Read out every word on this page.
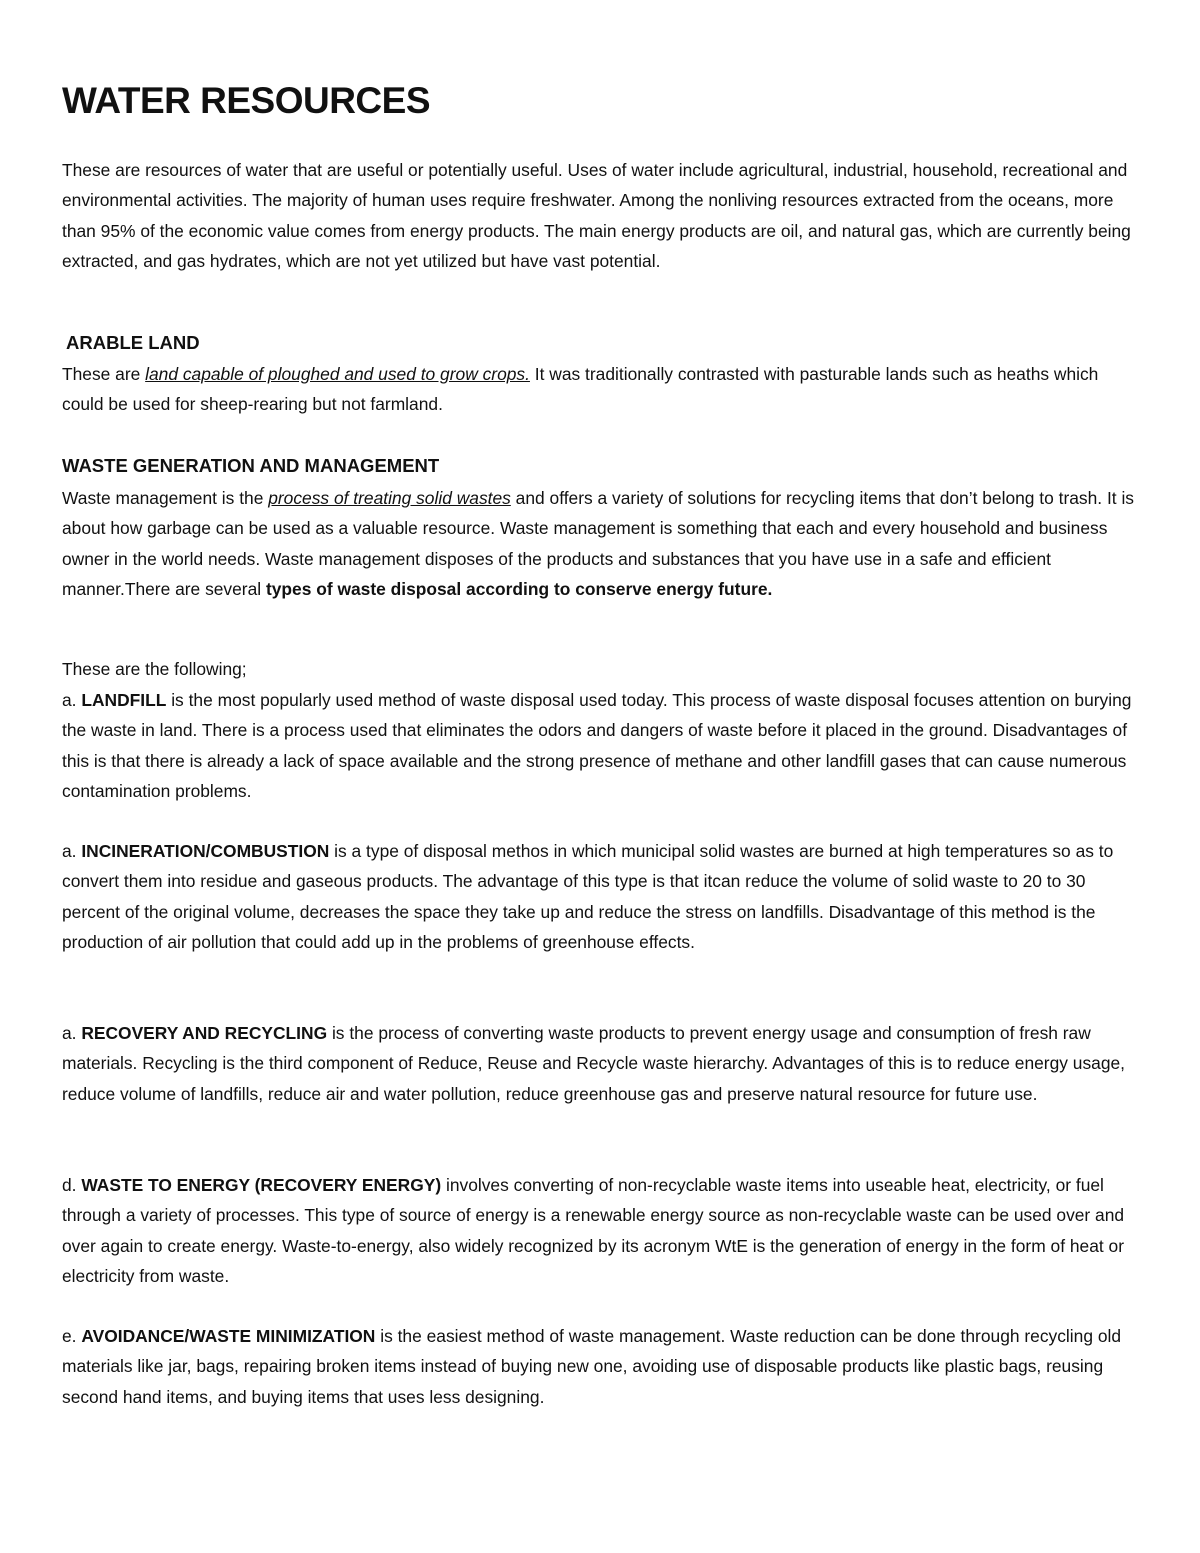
WATER RESOURCES

These are resources of water that are useful or potentially useful. Uses of water include agricultural, industrial, household, recreational and environmental activities. The majority of human uses require freshwater. Among the nonliving resources extracted from the oceans, more than 95% of the economic value comes from energy products. The main energy products are oil, and natural gas, which are currently being extracted, and gas hydrates, which are not yet utilized but have vast potential.

ARABLE LAND

These are land capable of ploughed and used to grow crops. It was traditionally contrasted with pasturable lands such as heaths which could be used for sheep-rearing but not farmland.

WASTE GENERATION AND MANAGEMENT

Waste management is the process of treating solid wastes and offers a variety of solutions for recycling items that don’t belong to trash. It is about how garbage can be used as a valuable resource. Waste management is something that each and every household and business owner in the world needs. Waste management disposes of the products and substances that you have use in a safe and efficient manner.There are several types of waste disposal according to conserve energy future.

These are the following;

a. LANDFILL is the most popularly used method of waste disposal used today. This process of waste disposal focuses attention on burying the waste in land. There is a process used that eliminates the odors and dangers of waste before it placed in the ground. Disadvantages of this is that there is already a lack of space available and the strong presence of methane and other landfill gases that can cause numerous contamination problems.

a. INCINERATION/COMBUSTION is a type of disposal methos in which municipal solid wastes are burned at high temperatures so as to convert them into residue and gaseous products. The advantage of this type is that itcan reduce the volume of solid waste to 20 to 30 percent of the original volume, decreases the space they take up and reduce the stress on landfills. Disadvantage of this method is the production of air pollution that could add up in the problems of greenhouse effects.

a. RECOVERY AND RECYCLING is the process of converting waste products to prevent energy usage and consumption of fresh raw materials. Recycling is the third component of Reduce, Reuse and Recycle waste hierarchy. Advantages of this is to reduce energy usage, reduce volume of landfills, reduce air and water pollution, reduce greenhouse gas and preserve natural resource for future use.

d. WASTE TO ENERGY (RECOVERY ENERGY) involves converting of non-recyclable waste items into useable heat, electricity, or fuel through a variety of processes. This type of source of energy is a renewable energy source as non-recyclable waste can be used over and over again to create energy. Waste-to-energy, also widely recognized by its acronym WtE is the generation of energy in the form of heat or electricity from waste.

e. AVOIDANCE/WASTE MINIMIZATION is the easiest method of waste management. Waste reduction can be done through recycling old materials like jar, bags, repairing broken items instead of buying new one, avoiding use of disposable products like plastic bags, reusing second hand items, and buying items that uses less designing.
